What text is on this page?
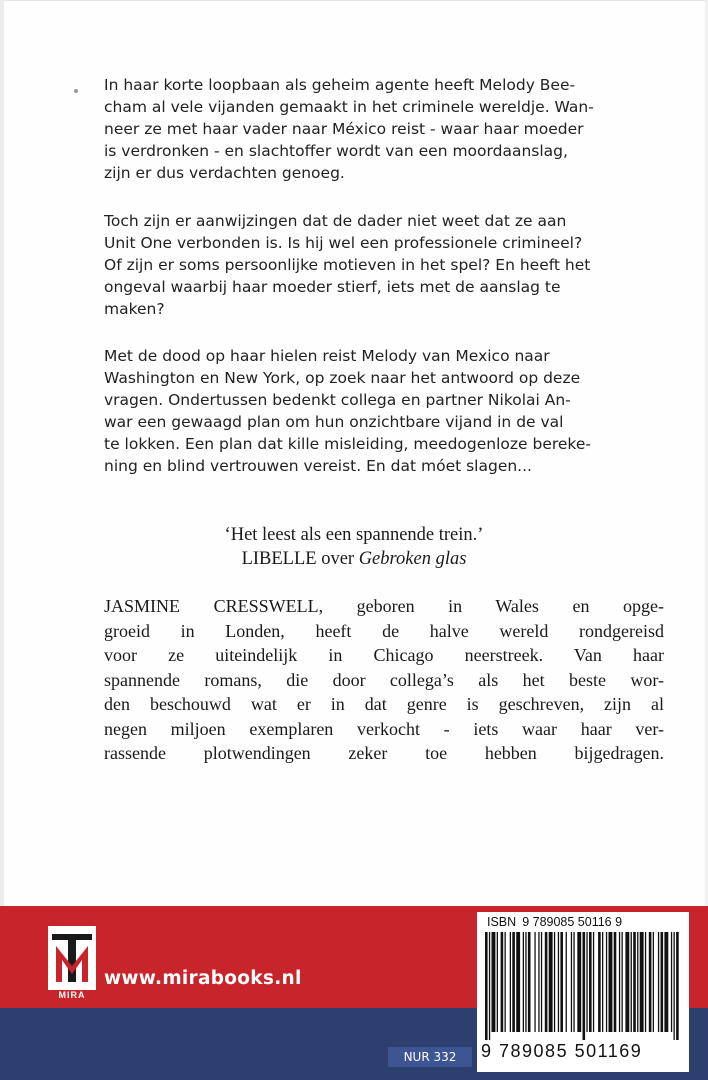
In haar korte loopbaan als geheim agente heeft Melody Bee-

cham al vele vijanden gemaakt in het criminele wereldje. Wan-

neer ze met haar vader naar México reist - waar haar moeder

is verdronken - en slachtoffer wordt van een moordaanslag,

zijn er dus verdachten genoeg.

Toch zijn er aanwijzingen dat de dader niet weet dat ze aan

Unit One verbonden is. Is hij wel een professionele crimineel?

Of zijn er soms persoonlijke motieven in het spel? En heeft het

ongeval waarbij haar moeder stierf, iets met de aanslag te

maken?

Met de dood op haar hielen reist Melody van Mexico naar

Washington en New York, op zoek naar het antwoord op deze

vragen. Ondertussen bedenkt collega en partner Nikolai An-

war een gewaagd plan om hun onzichtbare vijand in de val

te lokken. Een plan dat kille misleiding, meedogenloze bereke-

ning en blind vertrouwen vereist. En dat móet slagen...

‘Het leest als een spannende trein.’
LIBELLE over Gebroken glas
JASMINE CRESSWELL, geboren in Wales en opge-
groeid in Londen, heeft de halve wereld rondgereisd
voor ze uiteindelijk in Chicago neerstreek. Van haar
spannende romans, die door collega’s als het beste wor-
den beschouwd wat er in dat genre is geschreven, zijn al
negen miljoen exemplaren verkocht - iets waar haar ver-
rassende plotwendingen zeker toe hebben bijgedragen.
MIRA
www.mirabooks.nl
NUR 332
ISBN 9 789085 50116 9
9 789085 501169
